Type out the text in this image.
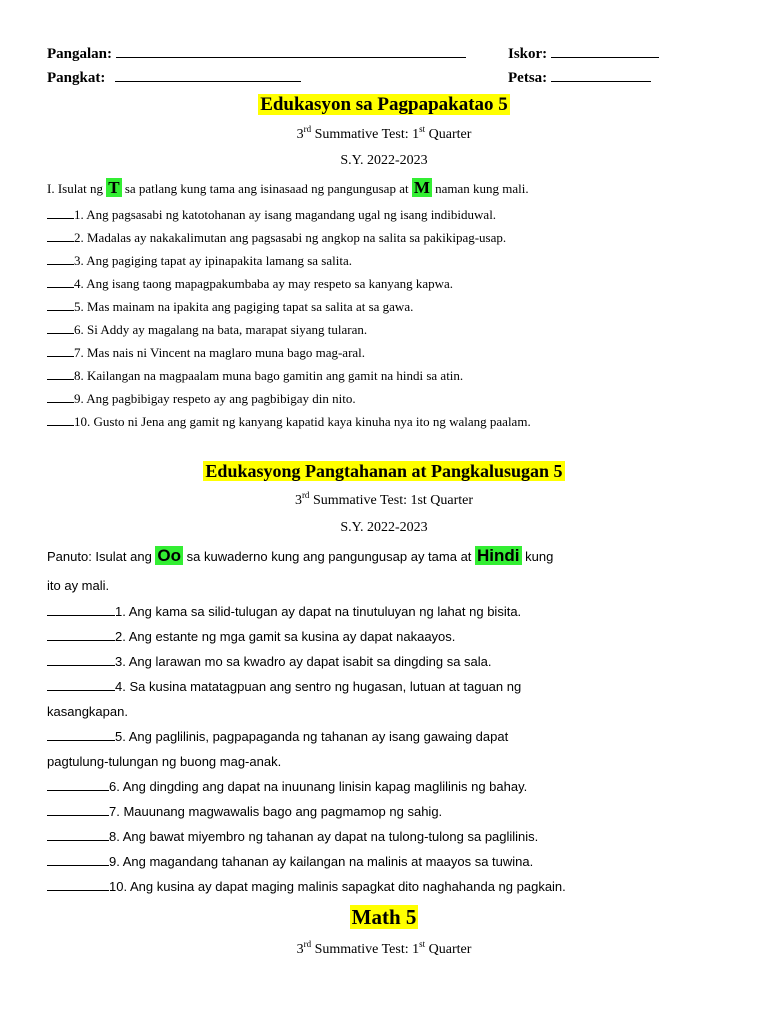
Pangalan:	Iskor:
Pangkat:	Petsa:
Edukasyon sa Pagpapakatao 5
3rd Summative Test: 1st Quarter
S.Y. 2022-2023
I. Isulat ng T sa patlang kung tama ang isinasaad ng pangungusap at M naman kung mali.
1. Ang pagsasabi ng katotohanan ay isang magandang ugal ng isang indibiduwal.
2. Madalas ay nakakalimutan ang pagsasabi ng angkop na salita sa pakikipag-usap.
3. Ang pagiging tapat ay ipinapakita lamang sa salita.
4. Ang isang taong mapagpakumbaba ay may respeto sa kanyang kapwa.
5. Mas mainam na ipakita ang pagiging tapat sa salita at sa gawa.
6. Si Addy ay magalang na bata, marapat siyang tularan.
7. Mas nais ni Vincent na maglaro muna bago mag-aral.
8. Kailangan na magpaalam muna bago gamitin ang gamit na hindi sa atin.
9. Ang pagbibigay respeto ay ang pagbibigay din nito.
10. Gusto ni Jena ang gamit ng kanyang kapatid kaya kinuha nya ito ng walang paalam.
Edukasyong Pangtahanan at Pangkalusugan 5
3rd Summative Test: 1st Quarter
S.Y. 2022-2023
Panuto: Isulat ang Oo sa kuwaderno kung ang pangungusap ay tama at Hindi kung
ito ay mali.
1. Ang kama sa silid-tulugan ay dapat na tinutuluyan ng lahat ng bisita.
2. Ang estante ng mga gamit sa kusina ay dapat nakaayos.
3. Ang larawan mo sa kwadro ay dapat isabit sa dingding sa sala.
4. Sa kusina matatagpuan ang sentro ng hugasan, lutuan at taguan ng
kasangkapan.
5. Ang paglilinis, pagpapaganda ng tahanan ay isang gawaing dapat
pagtulung-tulungan ng buong mag-anak.
6. Ang dingding ang dapat na inuunang linisin kapag maglilinis ng bahay.
7. Mauunang magwawalis bago ang pagmamop ng sahig.
8. Ang bawat miyembro ng tahanan ay dapat na tulong-tulong sa paglilinis.
9. Ang magandang tahanan ay kailangan na malinis at maayos sa tuwina.
10. Ang kusina ay dapat maging malinis sapagkat dito naghahanda ng pagkain.
Math 5
3rd Summative Test: 1st Quarter
